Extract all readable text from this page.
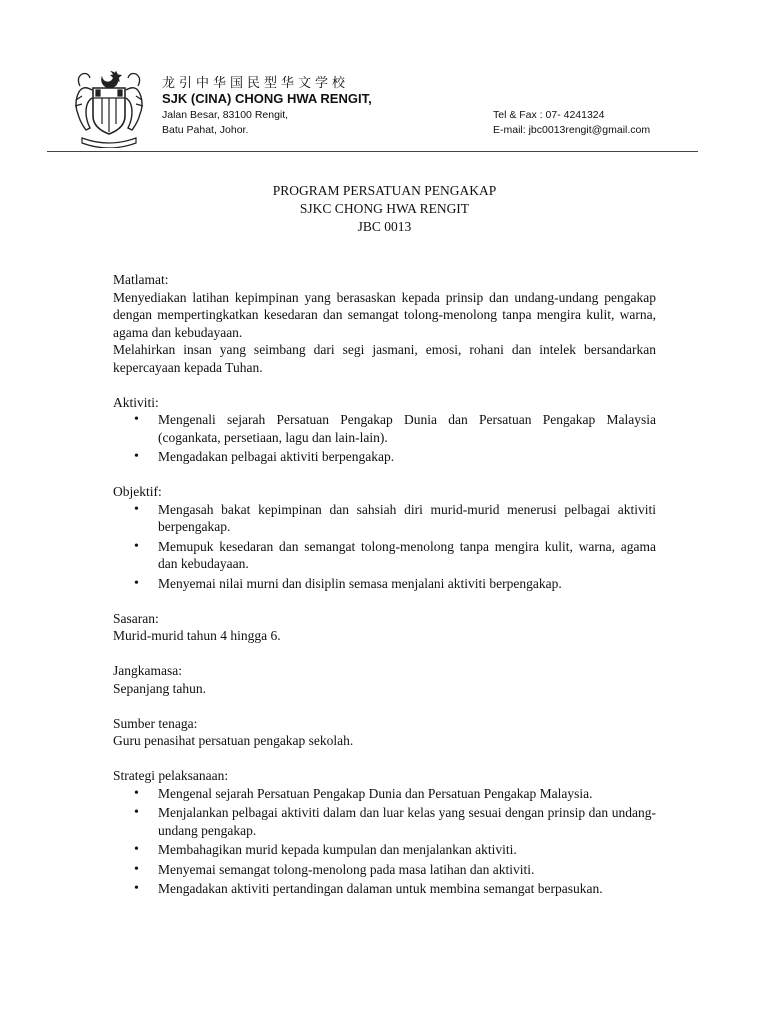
龙引中华国民型华文学校
SJK (CINA) CHONG HWA RENGIT,
Jalan Besar, 83100 Rengit,
Batu Pahat, Johor.
Tel & Fax : 07- 4241324
E-mail: jbc0013rengit@gmail.com
PROGRAM PERSATUAN PENGAKAP
SJKC CHONG HWA RENGIT
JBC 0013
Matlamat:

Menyediakan latihan kepimpinan yang berasaskan kepada prinsip dan undang-undang pengakap dengan mempertingkatkan kesedaran dan semangat tolong-menolong tanpa mengira kulit, warna, agama dan kebudayaan.

Melahirkan insan yang seimbang dari segi jasmani, emosi, rohani dan intelek bersandarkan kepercayaan kepada Tuhan.

Aktiviti:
• Mengenali sejarah Persatuan Pengakap Dunia dan Persatuan Pengakap Malaysia (cogankata, persetiaan, lagu dan lain-lain).
• Mengadakan pelbagai aktiviti berpengakap.
Objektif:
• Mengasah bakat kepimpinan dan sahsiah diri murid-murid menerusi pelbagai aktiviti berpengakap.
• Memupuk kesedaran dan semangat tolong-menolong tanpa mengira kulit, warna, agama dan kebudayaan.
• Menyemai nilai murni dan disiplin semasa menjalani aktiviti berpengakap.
Sasaran:

Murid-murid tahun 4 hingga 6.

Jangkamasa:

Sepanjang tahun.

Sumber tenaga:

Guru penasihat persatuan pengakap sekolah.

Strategi pelaksanaan:
• Mengenal sejarah Persatuan Pengakap Dunia dan Persatuan Pengakap Malaysia.
• Menjalankan pelbagai aktiviti dalam dan luar kelas yang sesuai dengan prinsip dan undang-undang pengakap.
• Membahagikan murid kepada kumpulan dan menjalankan aktiviti.
• Menyemai semangat tolong-menolong pada masa latihan dan aktiviti.
• Mengadakan aktiviti pertandingan dalaman untuk membina semangat berpasukan.
